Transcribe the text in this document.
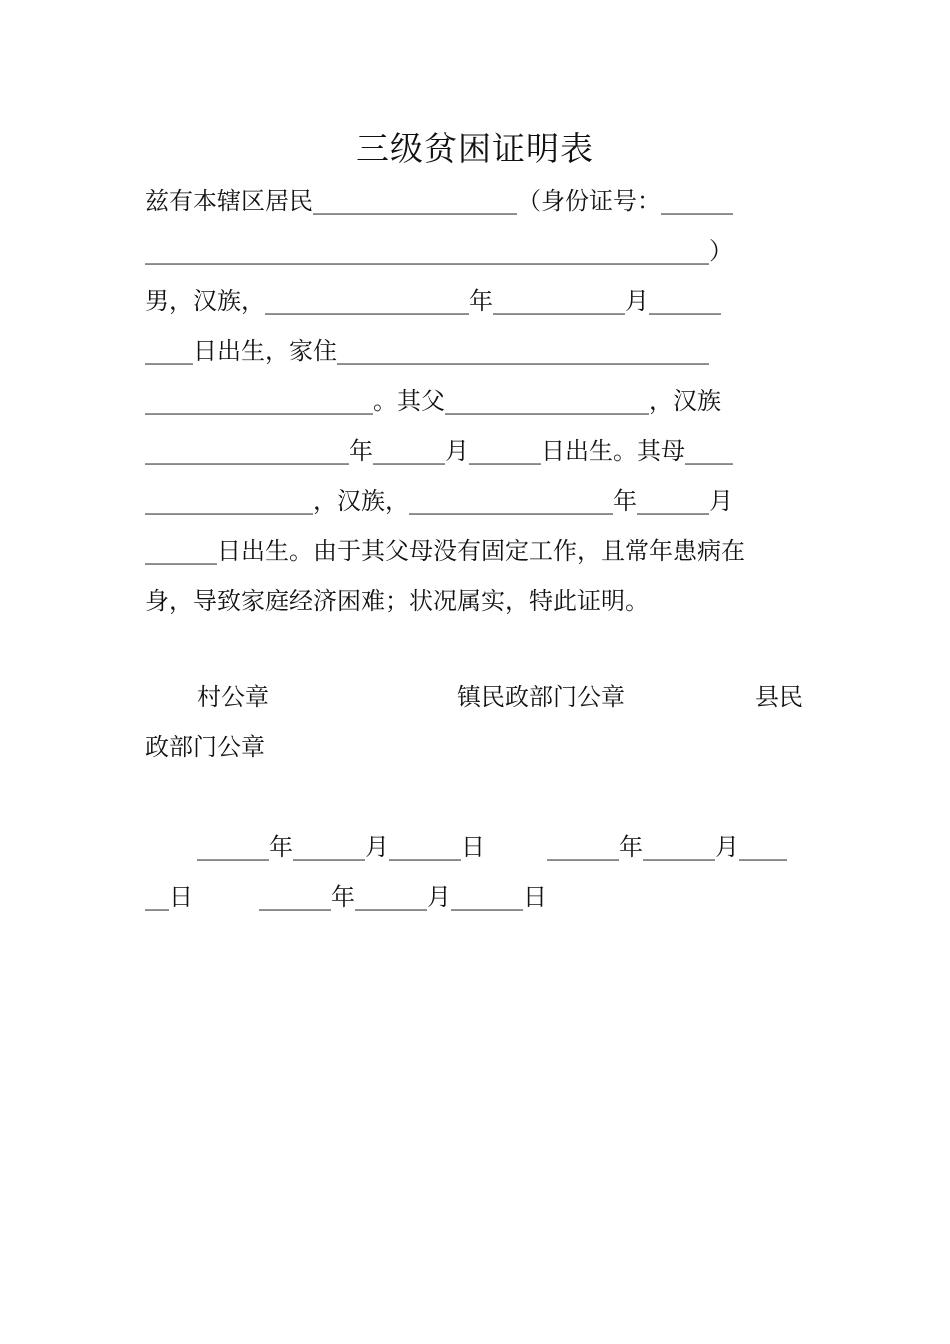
三级贫困证明表
兹有本辖区居民_________________（身份证号：______
_______________________________________________）
男，汉族，_________________年___________月______
____日出生，家住_______________________________
___________________。其父_________________，汉族
_________________年______月______日出生。其母____
______________，汉族，_________________年______月
______日出生。由于其父母没有固定工作，且常年患病在
身，导致家庭经济困难；状况属实，特此证明。
村公章	镇民政部门公章	县民
政部门公章

______年______月______日

	______年______月____

__日

	______年______月______日
